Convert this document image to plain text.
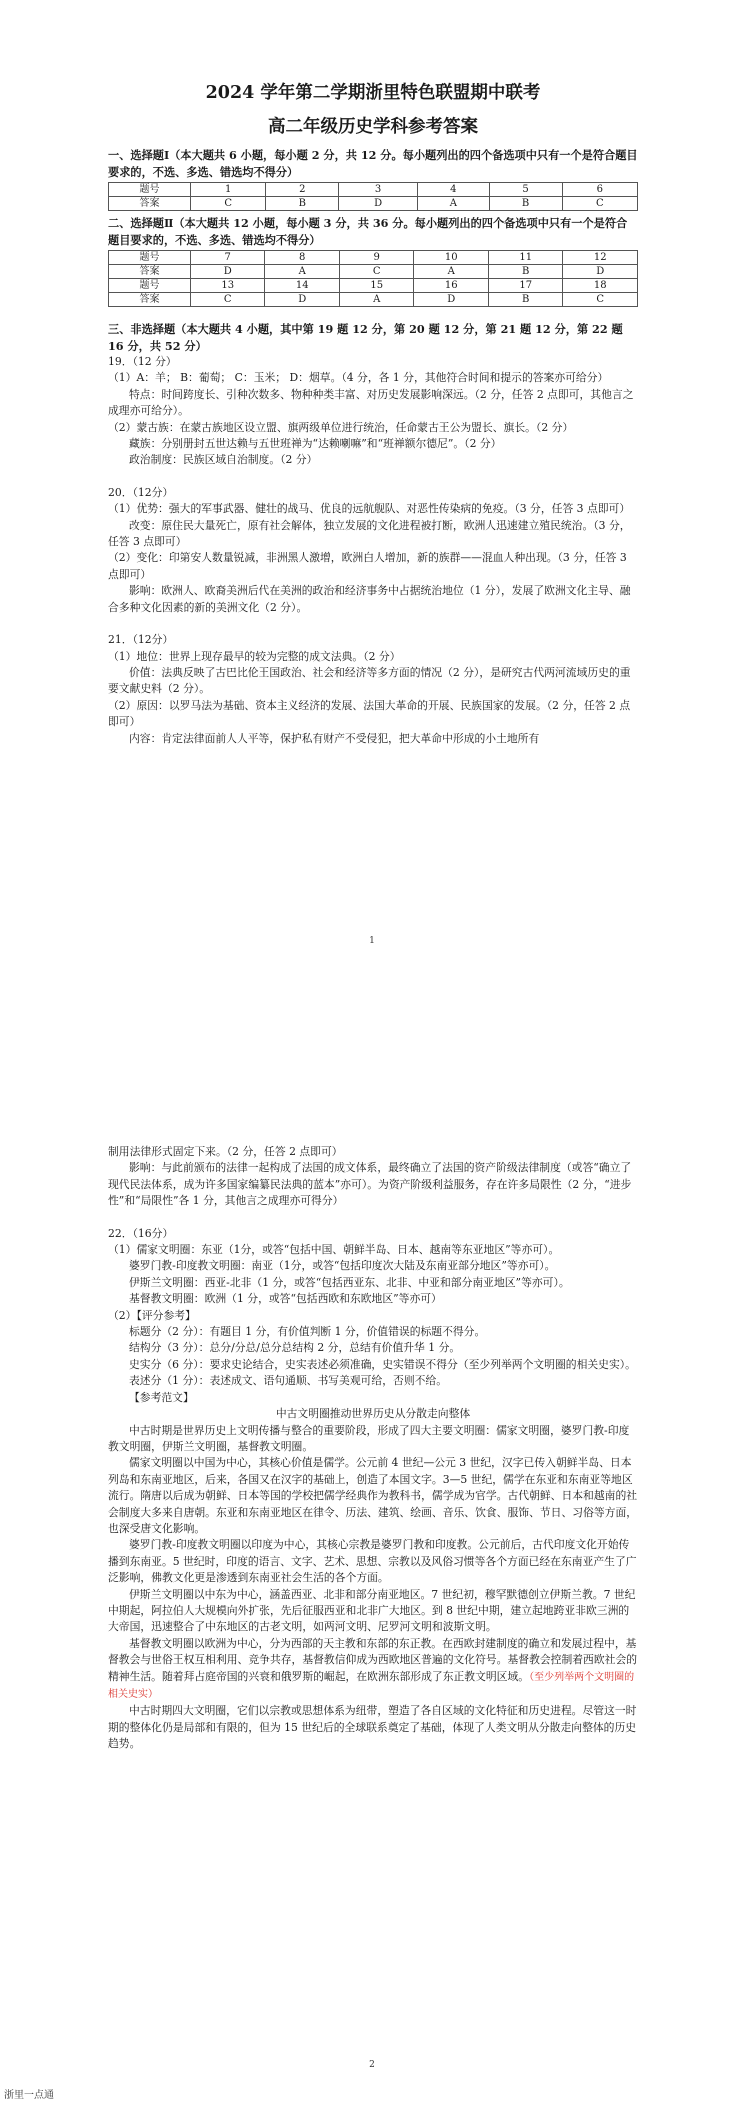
2024 学年第二学期浙里特色联盟期中联考
高二年级历史学科参考答案

一、选择题Ⅰ（本大题共 6 小题，每小题 2 分，共 12 分。每小题列出的四个备选项中只有一个是符合题目要求的，不选、多选、错选均不得分）

题号	1	2	3	4	5	6
答案	C	B	D	A	B	C

二、选择题Ⅱ（本大题共 12 小题，每小题 3 分，共 36 分。每小题列出的四个备选项中只有一个是符合题目要求的，不选、多选、错选均不得分）

题号	7	8	9	10	11	12
答案	D	A	C	A	B	D
题号	13	14	15	16	17	18
答案	C	D	A	D	B	C

三、非选择题（本大题共 4 小题，其中第 19 题 12 分，第 20 题 12 分，第 21 题 12 分，第 22 题 16 分，共 52 分）

19．（12 分）

（1）A：羊； B：葡萄； C：玉米； D：烟草。（4 分，各 1 分，其他符合时间和提示的答案亦可给分）

特点：时间跨度长、引种次数多、物种种类丰富、对历史发展影响深远。（2 分，任答 2 点即可，其他言之成理亦可给分）。

（2）蒙古族：在蒙古族地区设立盟、旗两级单位进行统治，任命蒙古王公为盟长、旗长。（2 分）

藏族：分别册封五世达赖与五世班禅为“达赖喇嘛”和“班禅额尔德尼”。（2 分）

政治制度：民族区域自治制度。（2 分）

20．（12分）

（1）优势：强大的军事武器、健壮的战马、优良的远航舰队、对恶性传染病的免疫。（3 分，任答 3 点即可）

改变：原住民大量死亡，原有社会解体，独立发展的文化进程被打断，欧洲人迅速建立殖民统治。（3 分，任答 3 点即可）

（2）变化：印第安人数量锐减，非洲黑人激增，欧洲白人增加，新的族群——混血人种出现。（3 分，任答 3 点即可）

影响：欧洲人、欧裔美洲后代在美洲的政治和经济事务中占据统治地位（1 分），发展了欧洲文化主导、融合多种文化因素的新的美洲文化（2 分）。

21．（12分）

（1）地位：世界上现存最早的较为完整的成文法典。（2 分）

价值：法典反映了古巴比伦王国政治、社会和经济等多方面的情况（2 分），是研究古代两河流域历史的重要文献史料（2 分）。

（2）原因：以罗马法为基础、资本主义经济的发展、法国大革命的开展、民族国家的发展。（2 分，任答 2 点即可）

内容：肯定法律面前人人平等，保护私有财产不受侵犯，把大革命中形成的小土地所有

1

制用法律形式固定下来。（2 分，任答 2 点即可）

影响：与此前颁布的法律一起构成了法国的成文体系，最终确立了法国的资产阶级法律制度（或答“确立了现代民法体系，成为许多国家编纂民法典的蓝本”亦可）。为资产阶级利益服务，存在许多局限性（2 分，“进步性”和“局限性”各 1 分，其他言之成理亦可得分）

22．（16分）

（1）儒家文明圈：东亚（1分，或答“包括中国、朝鲜半岛、日本、越南等东亚地区”等亦可）。

婆罗门教-印度教文明圈：南亚（1分，或答“包括印度次大陆及东南亚部分地区”等亦可）。

伊斯兰文明圈：西亚-北非（1 分，或答“包括西亚东、北非、中亚和部分南亚地区”等亦可）。

基督教文明圈：欧洲（1 分，或答“包括西欧和东欧地区”等亦可）

（2）【评分参考】

标题分（2 分）：有题目 1 分，有价值判断 1 分，价值错误的标题不得分。

结构分（3 分）：总分/分总/总分总结构 2 分，总结有价值升华 1 分。

史实分（6 分）：要求史论结合，史实表述必须准确，史实错误不得分（至少列举两个文明圈的相关史实）。

表述分（1 分）：表述成文、语句通顺、书写美观可给，否则不给。

【参考范文】

中古文明圈推动世界历史从分散走向整体

中古时期是世界历史上文明传播与整合的重要阶段，形成了四大主要文明圈：儒家文明圈，婆罗门教-印度教文明圈，伊斯兰文明圈，基督教文明圈。

儒家文明圈以中国为中心，其核心价值是儒学。公元前 4 世纪—公元 3 世纪，汉字已传入朝鲜半岛、日本列岛和东南亚地区，后来，各国又在汉字的基础上，创造了本国文字。3—5 世纪，儒学在东亚和东南亚等地区流行。隋唐以后成为朝鲜、日本等国的学校把儒学经典作为教科书，儒学成为官学。古代朝鲜、日本和越南的社会制度大多来自唐朝。东亚和东南亚地区在律令、历法、建筑、绘画、音乐、饮食、服饰、节日、习俗等方面，也深受唐文化影响。

婆罗门教-印度教文明圈以印度为中心，其核心宗教是婆罗门教和印度教。公元前后，古代印度文化开始传播到东南亚。5 世纪时，印度的语言、文字、艺术、思想、宗教以及风俗习惯等各个方面已经在东南亚产生了广泛影响，佛教文化更是渗透到东南亚社会生活的各个方面。

伊斯兰文明圈以中东为中心，涵盖西亚、北非和部分南亚地区。7 世纪初，穆罕默德创立伊斯兰教。7 世纪中期起，阿拉伯人大规模向外扩张，先后征服西亚和北非广大地区。到 8 世纪中期，建立起地跨亚非欧三洲的大帝国，迅速整合了中东地区的古老文明，如两河文明、尼罗河文明和波斯文明。

基督教文明圈以欧洲为中心，分为西部的天主教和东部的东正教。在西欧封建制度的确立和发展过程中，基督教会与世俗王权互相利用、竞争共存，基督教信仰成为西欧地区普遍的文化符号。基督教会控制着西欧社会的精神生活。随着拜占庭帝国的兴衰和俄罗斯的崛起，在欧洲东部形成了东正教文明区域。（至少列举两个文明圈的相关史实）

中古时期四大文明圈，它们以宗教或思想体系为纽带，塑造了各自区域的文化特征和历史进程。尽管这一时期的整体化仍是局部和有限的，但为 15 世纪后的全球联系奠定了基础，体现了人类文明从分散走向整体的历史趋势。

2
浙里一点通
